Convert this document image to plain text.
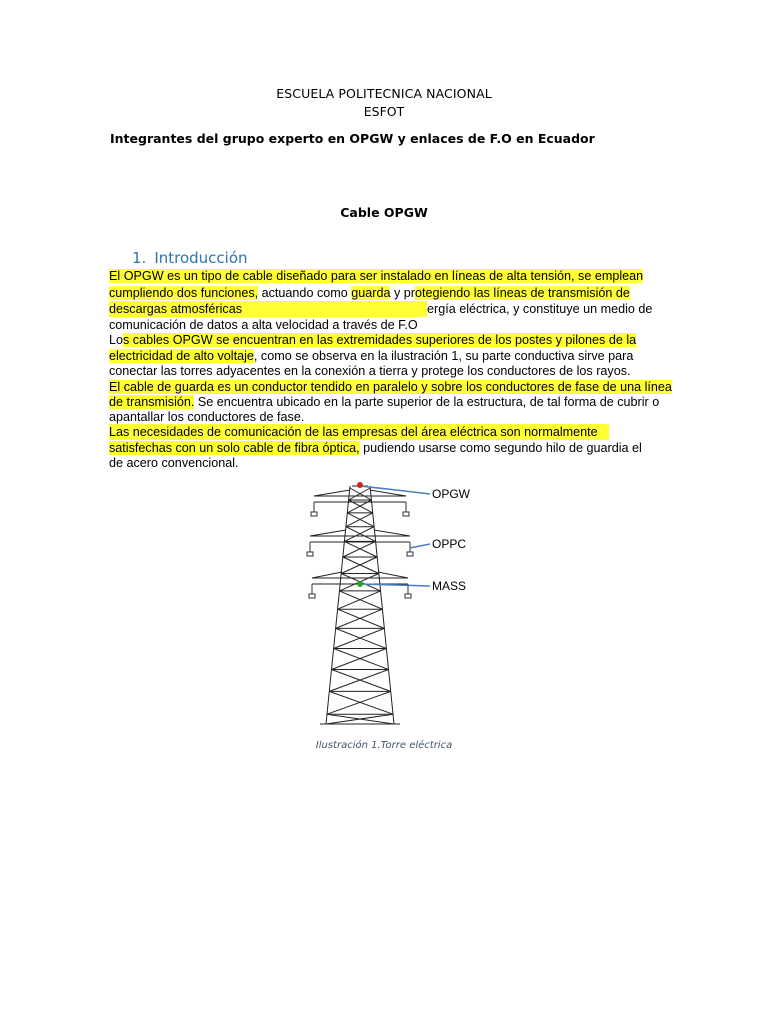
ESCUELA POLITECNICA NACIONAL
ESFOT
Integrantes del grupo experto en OPGW y enlaces de F.O en Ecuador
Cable OPGW
1. Introducción
El OPGW es un tipo de cable diseñado para ser instalado en líneas de alta tensión, se emplean
cumpliendo dos funciones, actuando como guarda y protegiendo las líneas de transmisión de
descargas atmosféricas	ergía eléctrica, y constituye un medio de
comunicación de datos a alta velocidad a través de F.O
Los cables OPGW se encuentran en las extremidades superiores de los postes y pilones de la
electricidad de alto voltaje, como se observa en la ilustración 1, su parte conductiva sirve para
conectar las torres adyacentes en la conexión a tierra y protege los conductores de los rayos.
El cable de guarda es un conductor tendido en paralelo y sobre los conductores de fase de una línea
de transmisión. Se encuentra ubicado en la parte superior de la estructura, de tal forma de cubrir o
apantallar los conductores de fase.
Las necesidades de comunicación de las empresas del área eléctrica son normalmente
satisfechas con un solo cable de fibra óptica, pudiendo usarse como segundo hilo de guardia el
de acero convencional.
OPGW
OPPC
MASS
Ilustración 1.Torre eléctrica
